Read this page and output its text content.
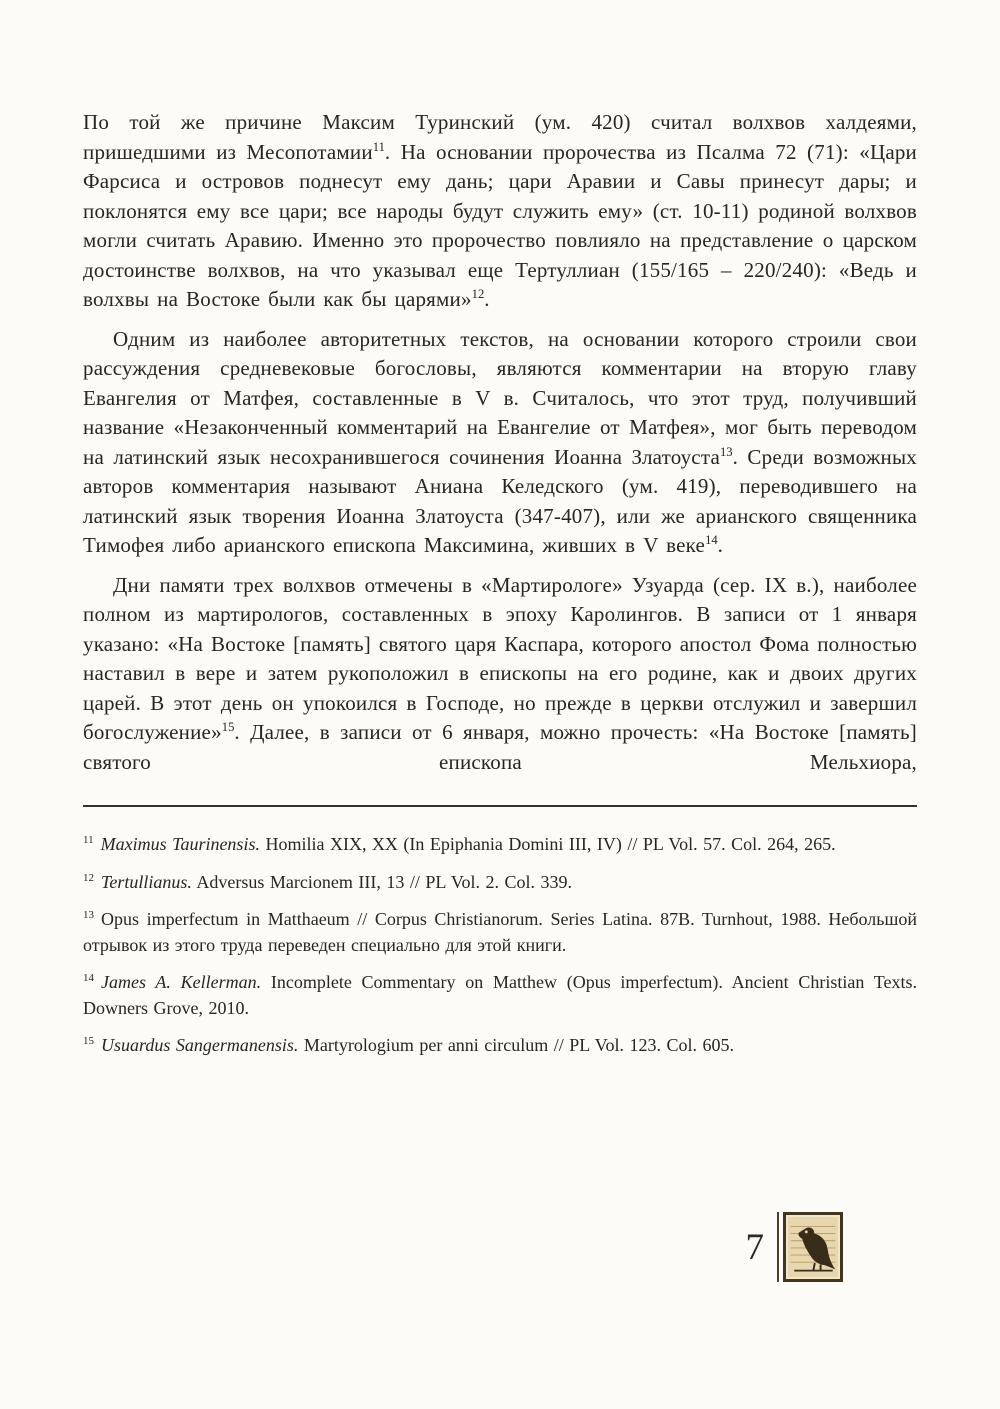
По той же причине Максим Туринский (ум. 420) считал волхвов халдеями, пришедшими из Месопотамии$^{11}$. На основании пророчества из Псалма 72 (71): «Цари Фарсиса и островов поднесут ему дань; цари Аравии и Савы принесут дары; и поклонятся ему все цари; все народы будут служить ему» (ст. 10-11) родиной волхвов могли считать Аравию. Именно это пророчество повлияло на представление о царском достоинстве волхвов, на что указывал еще Тертуллиан (155/165 – 220/240): «Ведь и волхвы на Востоке были как бы царями»$^{12}$.

Одним из наиболее авторитетных текстов, на основании которого строили свои рассуждения средневековые богословы, являются комментарии на вторую главу Евангелия от Матфея, составленные в V в. Считалось, что этот труд, получивший название «Незаконченный комментарий на Евангелие от Матфея», мог быть переводом на латинский язык несохранившегося сочинения Иоанна Златоуста$^{13}$. Среди возможных авторов комментария называют Аниана Келедского (ум. 419), переводившего на латинский язык творения Иоанна Златоуста (347-407), или же арианского священника Тимофея либо арианского епископа Максимина, живших в V веке$^{14}$.

Дни памяти трех волхвов отмечены в «Мартирологе» Узуарда (сер. IX в.), наиболее полном из мартирологов, составленных в эпоху Каролингов. В записи от 1 января указано: «На Востоке [память] святого царя Каспара, которого апостол Фома полностью наставил в вере и затем рукоположил в епископы на его родине, как и двоих других царей. В этот день он упокоился в Господе, но прежде в церкви отслужил и завершил богослужение»$^{15}$. Далее, в записи от 6 января, можно прочесть: «На Востоке [память] святого епископа Мельхиора,

$^{11}$ Maximus Taurinensis. Homilia XIX, XX (In Epiphania Domini III, IV) // PL Vol. 57. Col. 264, 265.

$^{12}$ Tertullianus. Adversus Marcionem III, 13 // PL Vol. 2. Col. 339.

$^{13}$ Opus imperfectum in Matthaeum // Corpus Christianorum. Series Latina. 87B. Turnhout, 1988. Небольшой отрывок из этого труда переведен специально для этой книги.

$^{14}$ James A. Kellerman. Incomplete Commentary on Matthew (Opus imperfectum). Ancient Christian Texts. Downers Grove, 2010.

$^{15}$ Usuardus Sangermanensis. Martyrologium per anni circulum // PL Vol. 123. Col. 605.

7
